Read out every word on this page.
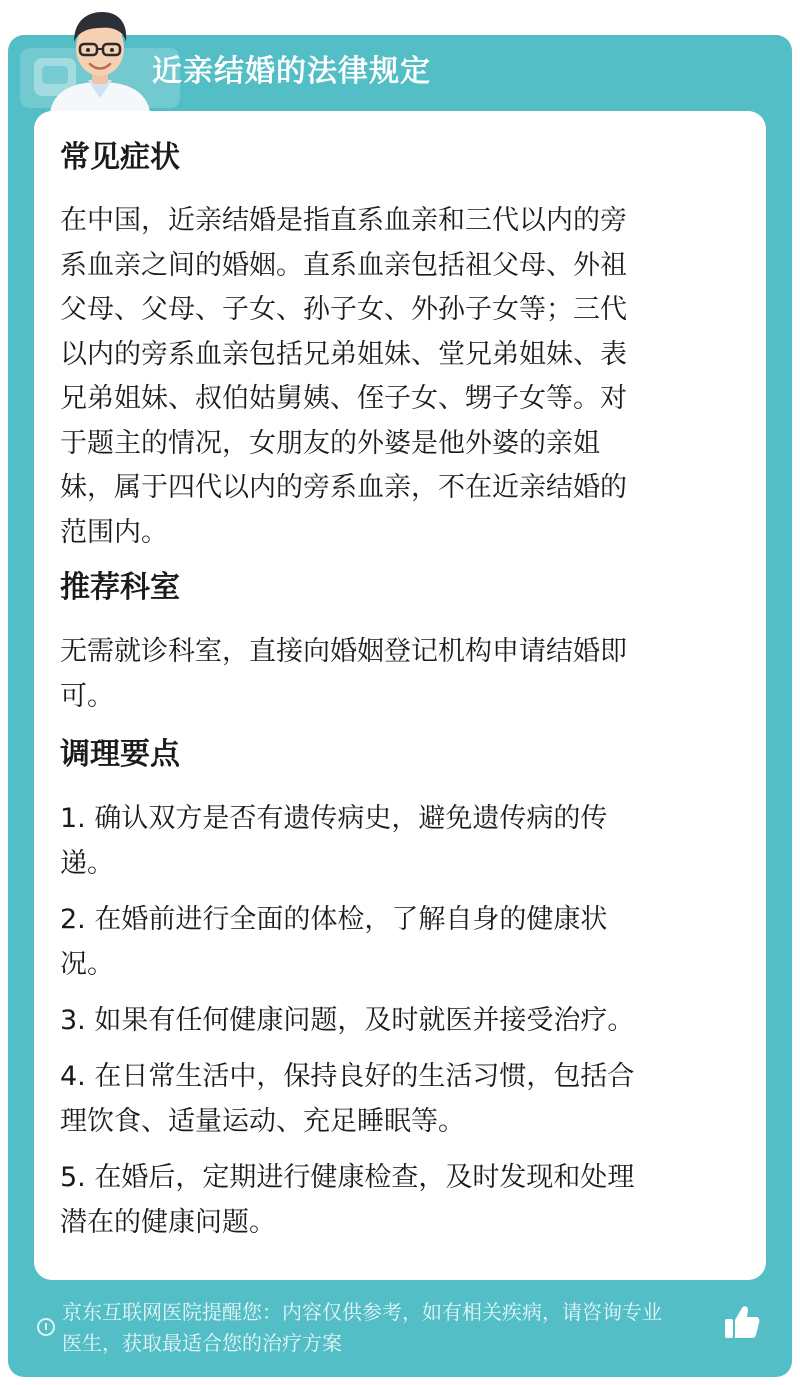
近亲结婚的法律规定
常见症状
在中国，近亲结婚是指直系血亲和三代以内的旁
系血亲之间的婚姻。直系血亲包括祖父母、外祖
父母、父母、子女、孙子女、外孙子女等；三代
以内的旁系血亲包括兄弟姐妹、堂兄弟姐妹、表
兄弟姐妹、叔伯姑舅姨、侄子女、甥子女等。对
于题主的情况，女朋友的外婆是他外婆的亲姐
妹，属于四代以内的旁系血亲，不在近亲结婚的
范围内。
推荐科室
无需就诊科室，直接向婚姻登记机构申请结婚即
可。
调理要点
1. 确认双方是否有遗传病史，避免遗传病的传
递。
2. 在婚前进行全面的体检，了解自身的健康状
况。
3. 如果有任何健康问题，及时就医并接受治疗。
4. 在日常生活中，保持良好的生活习惯，包括合
理饮食、适量运动、充足睡眠等。
5. 在婚后，定期进行健康检查，及时发现和处理
潜在的健康问题。
京东互联网医院提醒您：内容仅供参考，如有相关疾病，请咨询专业
医生，获取最适合您的治疗方案
